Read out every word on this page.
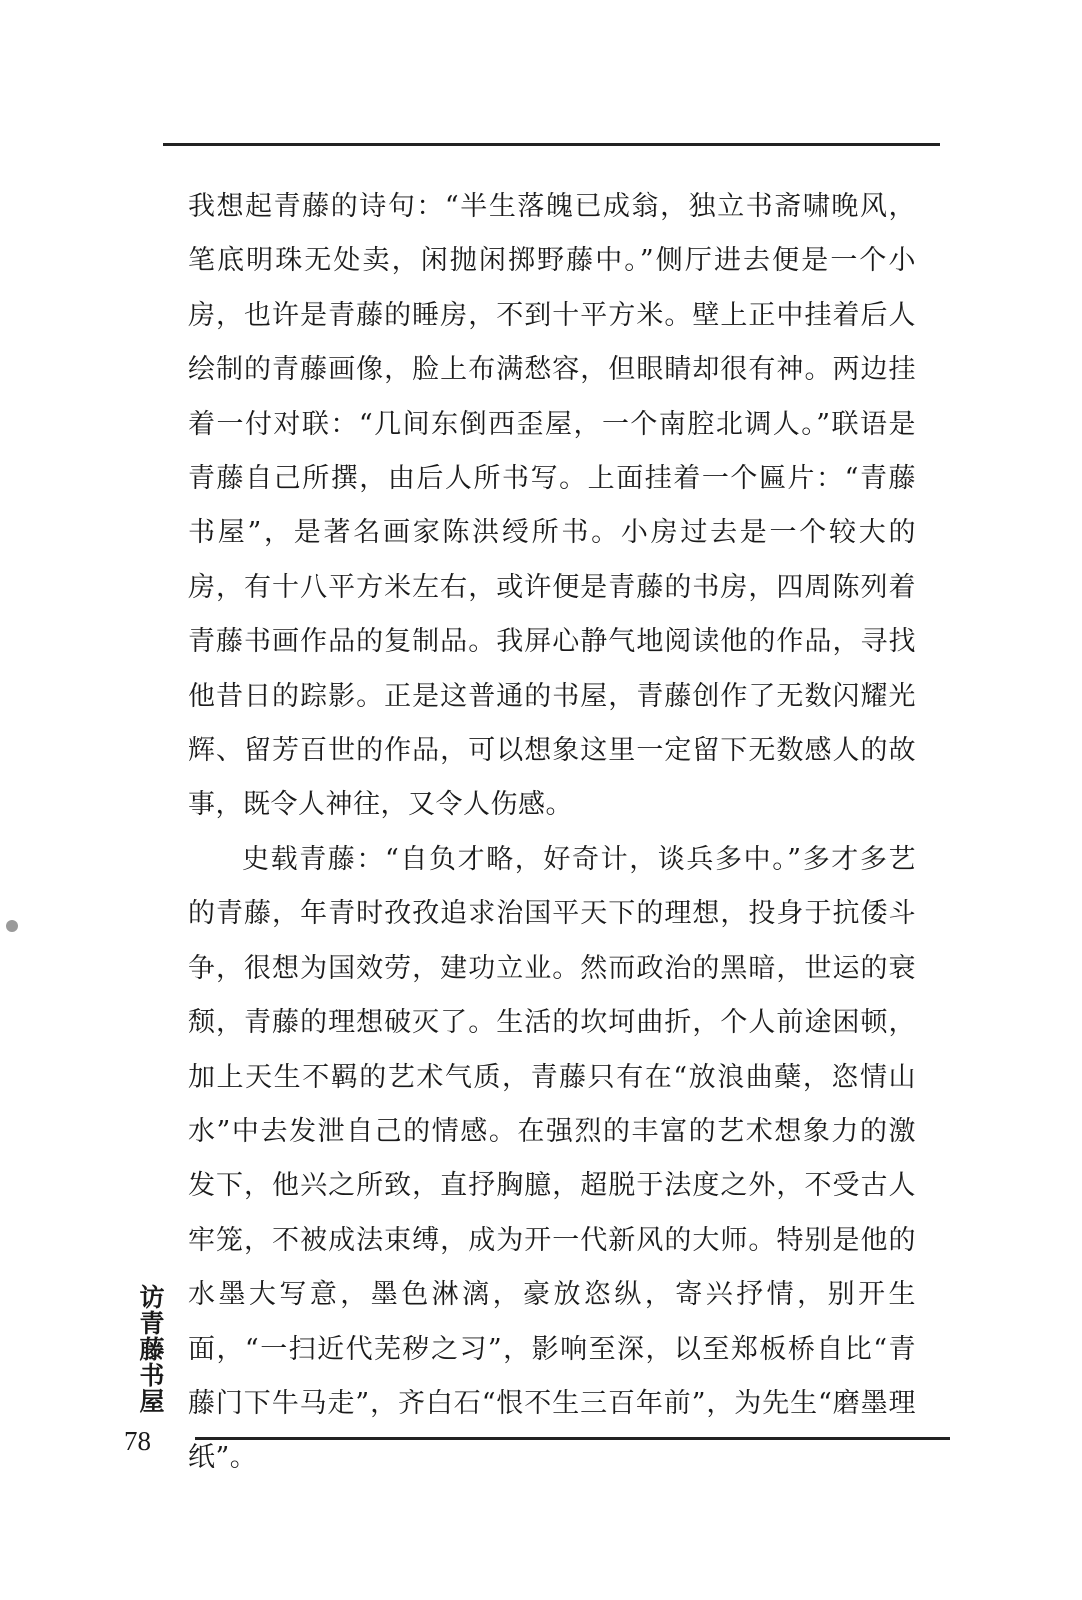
我想起青藤的诗句：“半生落魄已成翁，独立书斋啸晚风，笔底明珠无处卖，闲抛闲掷野藤中。”侧厅进去便是一个小房，也许是青藤的睡房，不到十平方米。壁上正中挂着后人绘制的青藤画像，脸上布满愁容，但眼睛却很有神。两边挂着一付对联：“几间东倒西歪屋，一个南腔北调人。”联语是青藤自己所撰，由后人所书写。上面挂着一个匾片：“青藤书屋”，是著名画家陈洪绶所书。小房过去是一个较大的房，有十八平方米左右，或许便是青藤的书房，四周陈列着青藤书画作品的复制品。我屏心静气地阅读他的作品，寻找他昔日的踪影。正是这普通的书屋，青藤创作了无数闪耀光辉、留芳百世的作品，可以想象这里一定留下无数感人的故事，既令人神往，又令人伤感。

史载青藤：“自负才略，好奇计，谈兵多中。”多才多艺的青藤，年青时孜孜追求治国平天下的理想，投身于抗倭斗争，很想为国效劳，建功立业。然而政治的黑暗，世运的衰颓，青藤的理想破灭了。生活的坎坷曲折，个人前途困顿，加上天生不羁的艺术气质，青藤只有在“放浪曲蘖，恣情山水”中去发泄自己的情感。在强烈的丰富的艺术想象力的激发下，他兴之所致，直抒胸臆，超脱于法度之外，不受古人牢笼，不被成法束缚，成为开一代新风的大师。特别是他的水墨大写意，墨色淋漓，豪放恣纵，寄兴抒情，别开生面，“一扫近代芜秽之习”，影响至深，以至郑板桥自比“青藤门下牛马走”，齐白石“恨不生三百年前”，为先生“磨墨理纸”。

访青藤书屋
78
